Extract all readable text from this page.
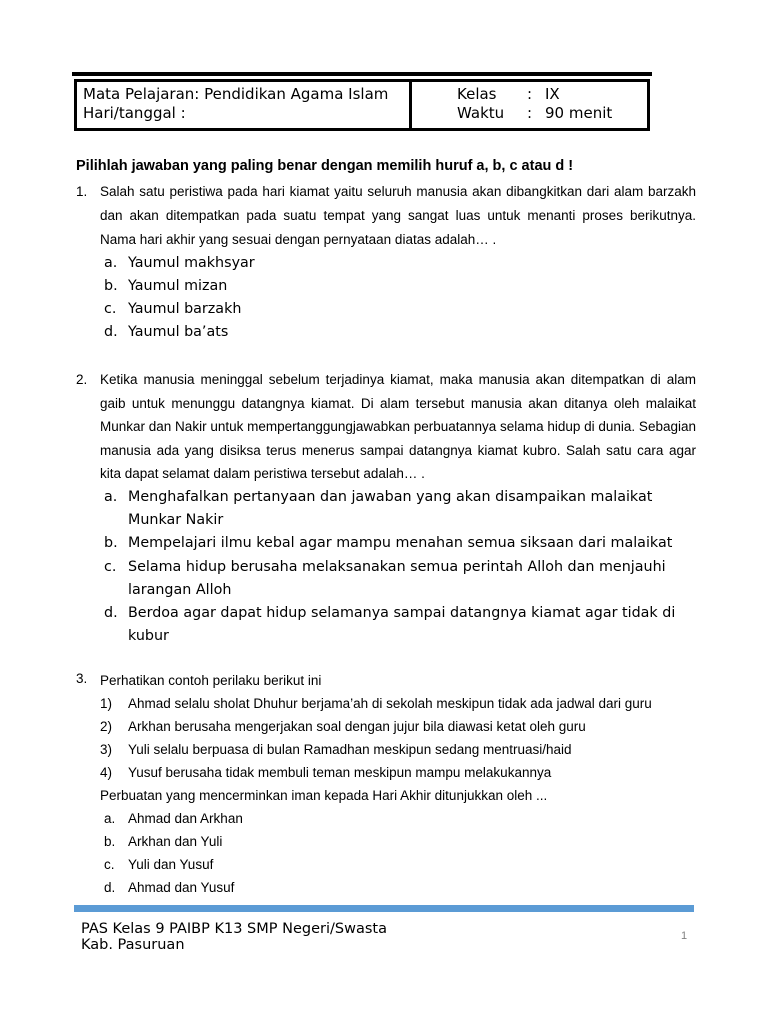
Mata Pelajaran: Pendidikan Agama Islam
Hari/tanggal :
Kelas	: IX
Waktu	: 90 menit
Pilihlah jawaban yang paling benar dengan memilih huruf a, b, c atau d !
1. Salah satu peristiwa pada hari kiamat yaitu seluruh manusia akan dibangkitkan dari alam barzakh dan akan ditempatkan pada suatu tempat yang sangat luas untuk menanti proses berikutnya. Nama hari akhir yang sesuai dengan pernyataan diatas adalah… .
a. Yaumul makhsyar
b. Yaumul mizan
c. Yaumul barzakh
d. Yaumul ba’ats
2. Ketika manusia meninggal sebelum terjadinya kiamat, maka manusia akan ditempatkan di alam gaib untuk menunggu datangnya kiamat. Di alam tersebut manusia akan ditanya oleh malaikat Munkar dan Nakir untuk mempertanggungjawabkan perbuatannya selama hidup di dunia. Sebagian manusia ada yang disiksa terus menerus sampai datangnya kiamat kubro. Salah satu cara agar kita dapat selamat dalam peristiwa tersebut adalah… .
a. Menghafalkan pertanyaan dan jawaban yang akan disampaikan malaikat Munkar Nakir
b. Mempelajari ilmu kebal agar mampu menahan semua siksaan dari malaikat
c. Selama hidup berusaha melaksanakan semua perintah Alloh dan menjauhi larangan Alloh
d. Berdoa agar dapat hidup selamanya sampai datangnya kiamat agar tidak di kubur
3. Perhatikan contoh perilaku berikut ini
1)	Ahmad selalu sholat Dhuhur berjama’ah di sekolah meskipun tidak ada jadwal dari guru
2)	Arkhan berusaha mengerjakan soal dengan jujur bila diawasi ketat oleh guru
3)	Yuli selalu berpuasa di bulan Ramadhan meskipun sedang mentruasi/haid
4)	Yusuf berusaha tidak membuli teman meskipun mampu melakukannya
Perbuatan yang mencerminkan iman kepada Hari Akhir ditunjukkan oleh ...
a. Ahmad dan Arkhan
b. Arkhan dan Yuli
c. Yuli dan Yusuf
d. Ahmad dan Yusuf
PAS Kelas 9 PAIBP K13 SMP Negeri/Swasta
Kab. Pasuruan
1
